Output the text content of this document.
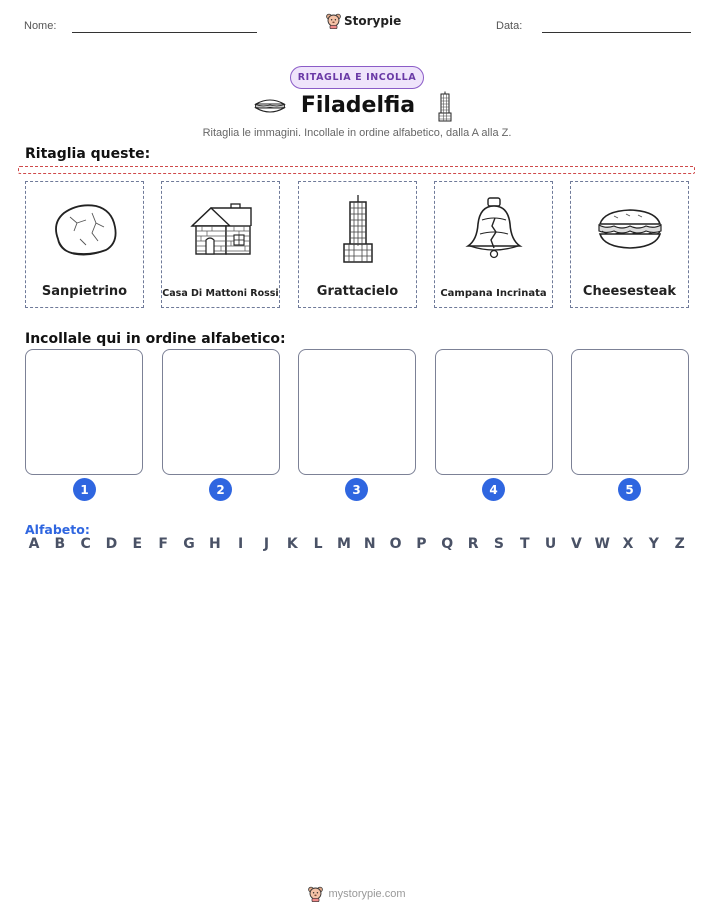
Nome:	Storypie	Data:
RITAGLIA E INCOLLA
Filadelfia
Ritaglia le immagini. Incollale in ordine alfabetico, dalla A alla Z.
Ritaglia queste:
Sanpietrino	Casa Di Mattoni Rossi	Grattacielo	Campana Incrinata	Cheesesteak
Incollale qui in ordine alfabetico:
1	2	3	4	5
Alfabeto:
A B C D E F G H	I	J	K L M N O P Q R S T U V W X Y Z
mystorypie.com
